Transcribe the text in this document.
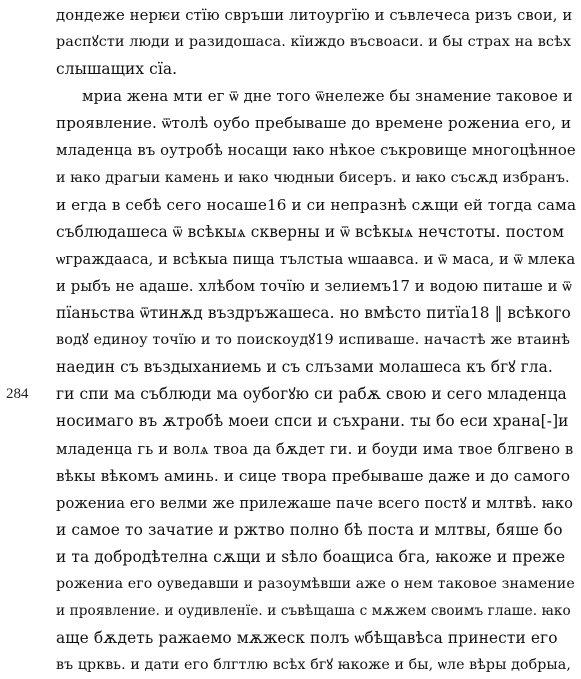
284
дондеже нерѥи стїю свръши литоургїю и съвлечеса ризъ свои, и
распꙋсти люди и разидошаса. кїиждо въсвоаси. и бы страх на всѣх
слышащих сїа.
мриа жена мти ег ѿ дне того ѿнележе бы знамение таковое и
проявление. ѿтолѣ оубо пребываше до времене рожениа его, и
младенца въ оутробѣ носащи ꙗко нѣкое съкровище многоцѣнное
и ꙗко драгыи камень и ꙗко чюдныи бисеръ. и ꙗко съсѫд избранъ.
и егда в себѣ сего носаше16 и си непразнѣ сѫщи ей тогда сама
съблюдашеса ѿ всѣкыѧ скверны и ѿ всѣкыѧ нечстоты. постом
ѡграждааса, и всѣкыа пища тълстыа ѡшаавса. и ѿ маса, и ѿ млека
и рыбъ не адаше. хлѣбом точїю и зелиемъ17 и водою питаше и ѿ
пїаньства ѿтинѫд въздръжашеса. но вмѣсто питїа18 ‖ всѣкого
водꙋ единоу точїю и то поискоудꙋ19 испиваше. начастѣ же втаинѣ
наедин съ въздыханиемь и съ слъзами молашеса къ бгꙋ гла.
ги спи ма съблюди ма оубогꙋю си рабѫ свою и сего младенца
носимаго въ ѫтробѣ моеи спси и съхрани. ты бо еси храна[-]и
младенца гь и волѧ твоа да бѫдет ги. и боуди има твое блгвено в
вѣкы вѣкомъ аминь. и сице твора пребываше даже и до самого
рожениа его велми же прилежаше паче всего постꙋ и млтвѣ. ꙗко
и самое то зачатие и ржтво полно бѣ поста и млтвы, бяше бо
и та добродѣтелна сѫщи и ѕѣло боащиса бга, ꙗкоже и преже
рожениа его оуведавши и разоумѣвши аже о нем таковое знамение
и проявление. и оудивленїе. и съвѣщаша с мѫжем своимъ глаше. ꙗко
аще бѫдеть ражаемо мѫжеск полъ ѡбѣщавѣса принести его
въ црквь. и дати его блгтлю всѣх бгꙋ ꙗкоже и бы, ѡле вѣры добрыа,
